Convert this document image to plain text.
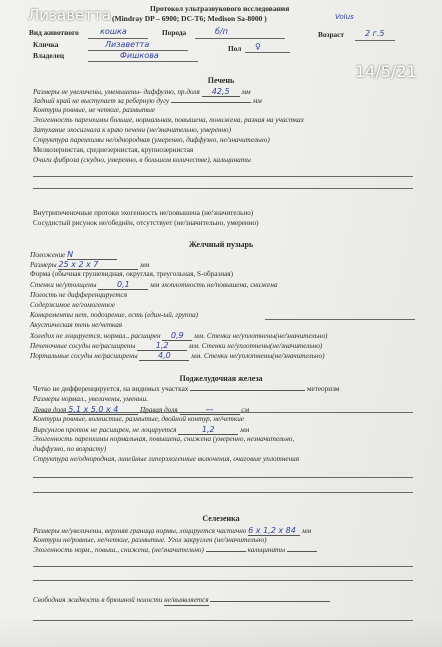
Протокол ультразвукового исследования
(Mindray DP – 6900; DC-T6; Medison Sa-8000 )	Volus
Вид животного	кошка	Порода	б/п	Возраст	2 г.5
Кличка	Лизаветта	Пол ♀
Владелец	Фишкова
Печень
Размеры не увеличены, уменьшены- диффузно, пр.доля 42,5 мм
Задний край не выступает за реберную дугу	мм
Контуры ровные, не четкие, размытые
Эхогенность паренхимы больше, нормальная, повышена, понижена, разная на участках
Затухание эхосигнала к краю печени (не/значительно, умеренно)
Структура паренхимы не/однородная (умеренно, диффузно, не/значительно)
Мелкозернистая, среднезернистая, крупнозернистая
Очаги фиброза (скудно, умеренно, в большом количестве), кальцинаты
Внутрипеченочные протоки эхогенность не/повышена (не/значительно)
Сосудистый рисунок не/обеднён, отсутствует (не/значительно, умеренно)
Желчный пузырь
Положение N
Размеры 25 x 2 x 7	мм
Форма (обычная грушевидная, округлая, треугольная, S-образная)
Стенки не/утолщены	0,1	мм эхоплотность не/повышена, снижена
Полость не дифференцируется
Содержимое не/гомогенное
Конкременты нет, подозрение, есть (един-ый, группа)
Акустическая тень не/четкая
Холедох не лоцируется, нормал., расширен 0,9 мм. Стенки не/уплотнены(не/значительно)
Печеночные сосуды не/расширены	1,2	мм. Стенки не/уплотнены(не/значительно)
Портальные сосуды не/расширены	4,0	мм. Стенки не/уплотнены(не/значительно)
Поджелудочная железа
Четко не дифференцируется, на видимых участках	метеоризм
Размеры нормал., увеличены, уменьш.
Левая доля 5,1 x 5,0 x 4	Правая доля	—	см
Контуры ровные, волнистые, размытые, двойной контур, не/четкие
Вирсунгов проток не расширен, не лоцируется	1,2	мм
Эхогенность паренхимы нормальная, повышена, снижена (умеренно, незначительно,
диффузно, по возрасту)
Структура не/однородная, линейные гиперэхогенные включения, очаговые уплотнения
Селезенка
Размеры не/увеличены, верхняя граница нормы, лоцируется частично 6 x 1,2 x 84 мм
Контуры не/ровные, не/четкие, размытые. Угол закруглен (не/значительно)
Эхогенность норм., повыш., снижена, (не/значительно)	кальцинаты
Свободная жидкость в брюшной полости не/выявляется
Лизаветта
14/5/21
